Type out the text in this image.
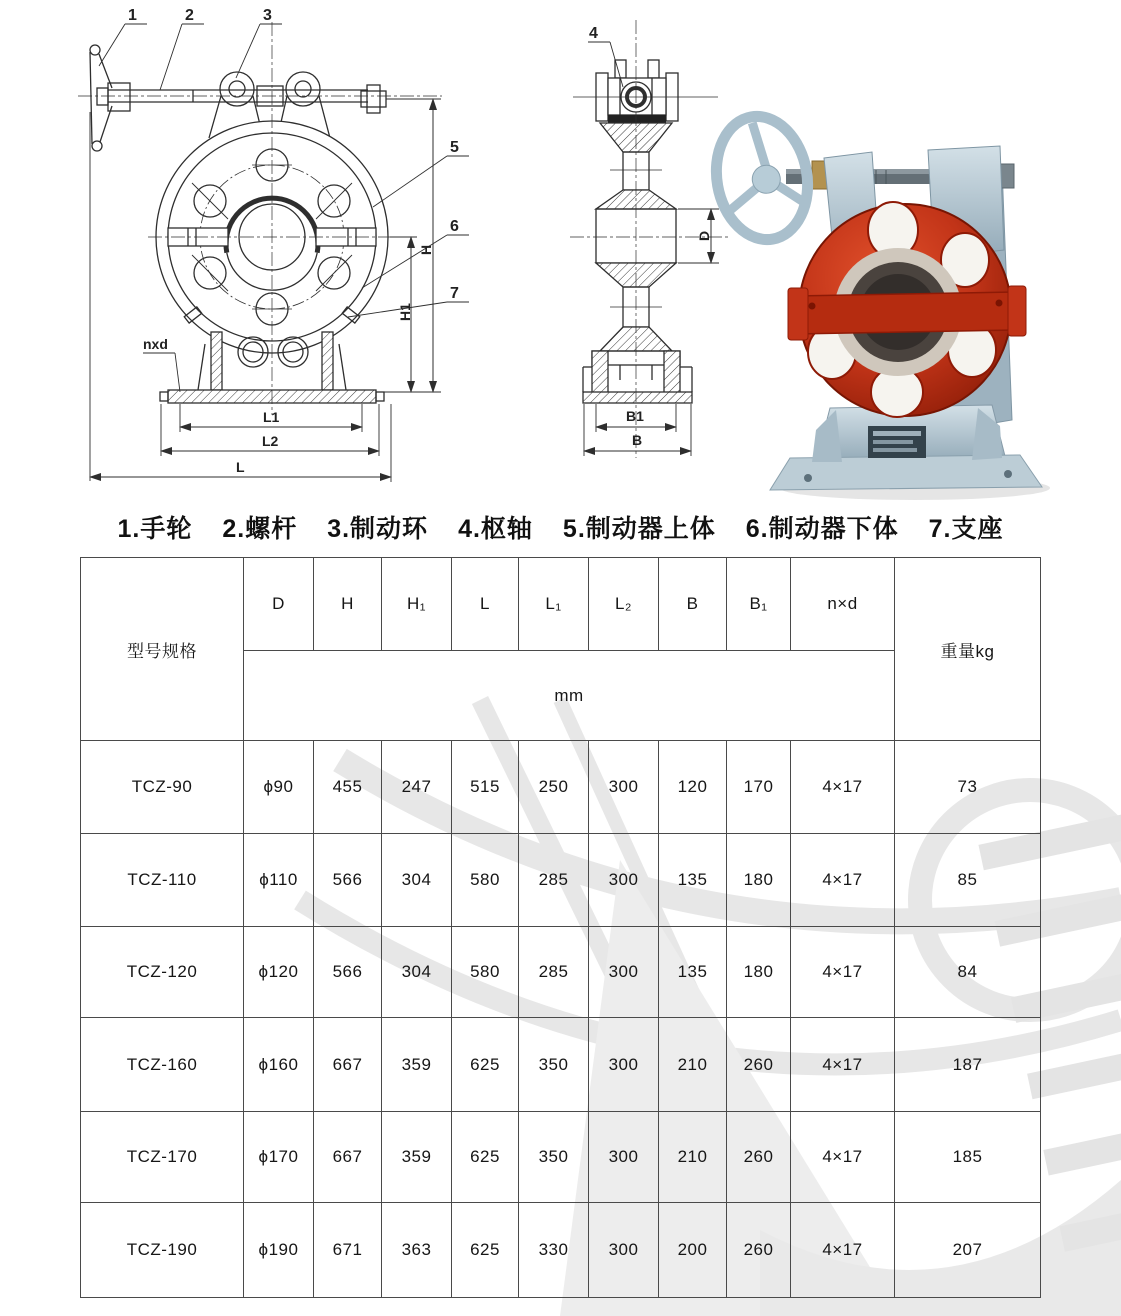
1	2	3
5
6
7
nxd
L1
L2
L
H1
H
4
B1
B
D
1.手轮 2.螺杆 3.制动环 4.枢轴 5.制动器上体 6.制动器下体 7.支座
型号规格	D	H	H₁	L	L₁	L₂	B	B₁	n×d	重量kg
	mm									
TCZ-90	ϕ90	455	247	515	250	300	120	170	4×17	73
TCZ-110	ϕ110	566	304	580	285	300	135	180	4×17	85
TCZ-120	ϕ120	566	304	580	285	300	135	180	4×17	84
TCZ-160	ϕ160	667	359	625	350	300	210	260	4×17	187
TCZ-170	ϕ170	667	359	625	350	300	210	260	4×17	185
TCZ-190	ϕ190	671	363	625	330	300	200	260	4×17	207
